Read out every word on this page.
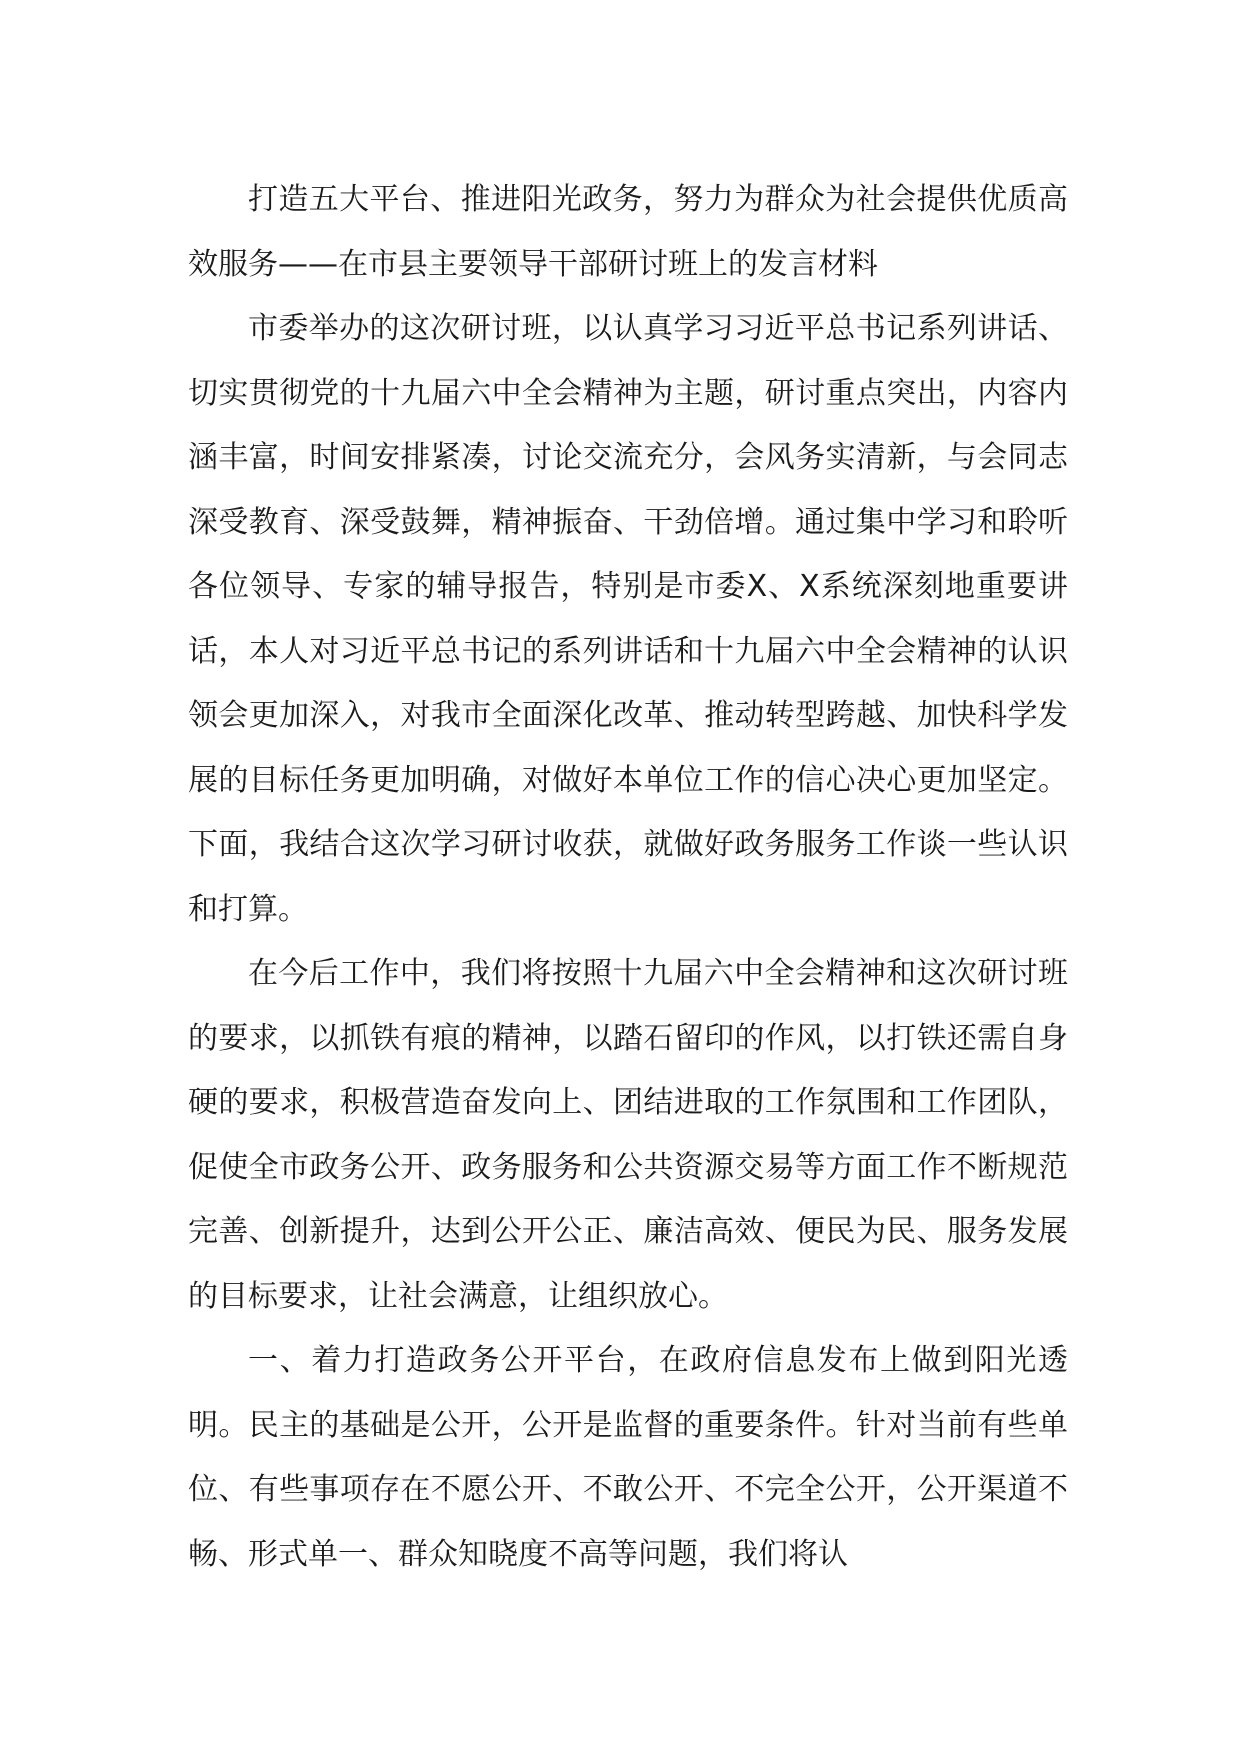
打造五大平台、推进阳光政务，努力为群众为社会提供优质高效服务——在市县主要领导干部研讨班上的发言材料

市委举办的这次研讨班，以认真学习习近平总书记系列讲话、切实贯彻党的十九届六中全会精神为主题，研讨重点突出，内容内涵丰富，时间安排紧凑，讨论交流充分，会风务实清新，与会同志深受教育、深受鼓舞，精神振奋、干劲倍增。通过集中学习和聆听各位领导、专家的辅导报告，特别是市委X、X系统深刻地重要讲话，本人对习近平总书记的系列讲话和十九届六中全会精神的认识领会更加深入，对我市全面深化改革、推动转型跨越、加快科学发展的目标任务更加明确，对做好本单位工作的信心决心更加坚定。下面，我结合这次学习研讨收获，就做好政务服务工作谈一些认识和打算。

在今后工作中，我们将按照十九届六中全会精神和这次研讨班的要求，以抓铁有痕的精神，以踏石留印的作风，以打铁还需自身硬的要求，积极营造奋发向上、团结进取的工作氛围和工作团队，促使全市政务公开、政务服务和公共资源交易等方面工作不断规范完善、创新提升，达到公开公正、廉洁高效、便民为民、服务发展的目标要求，让社会满意，让组织放心。

一、着力打造政务公开平台，在政府信息发布上做到阳光透明。民主的基础是公开，公开是监督的重要条件。针对当前有些单位、有些事项存在不愿公开、不敢公开、不完全公开，公开渠道不畅、形式单一、群众知晓度不高等问题，我们将认
